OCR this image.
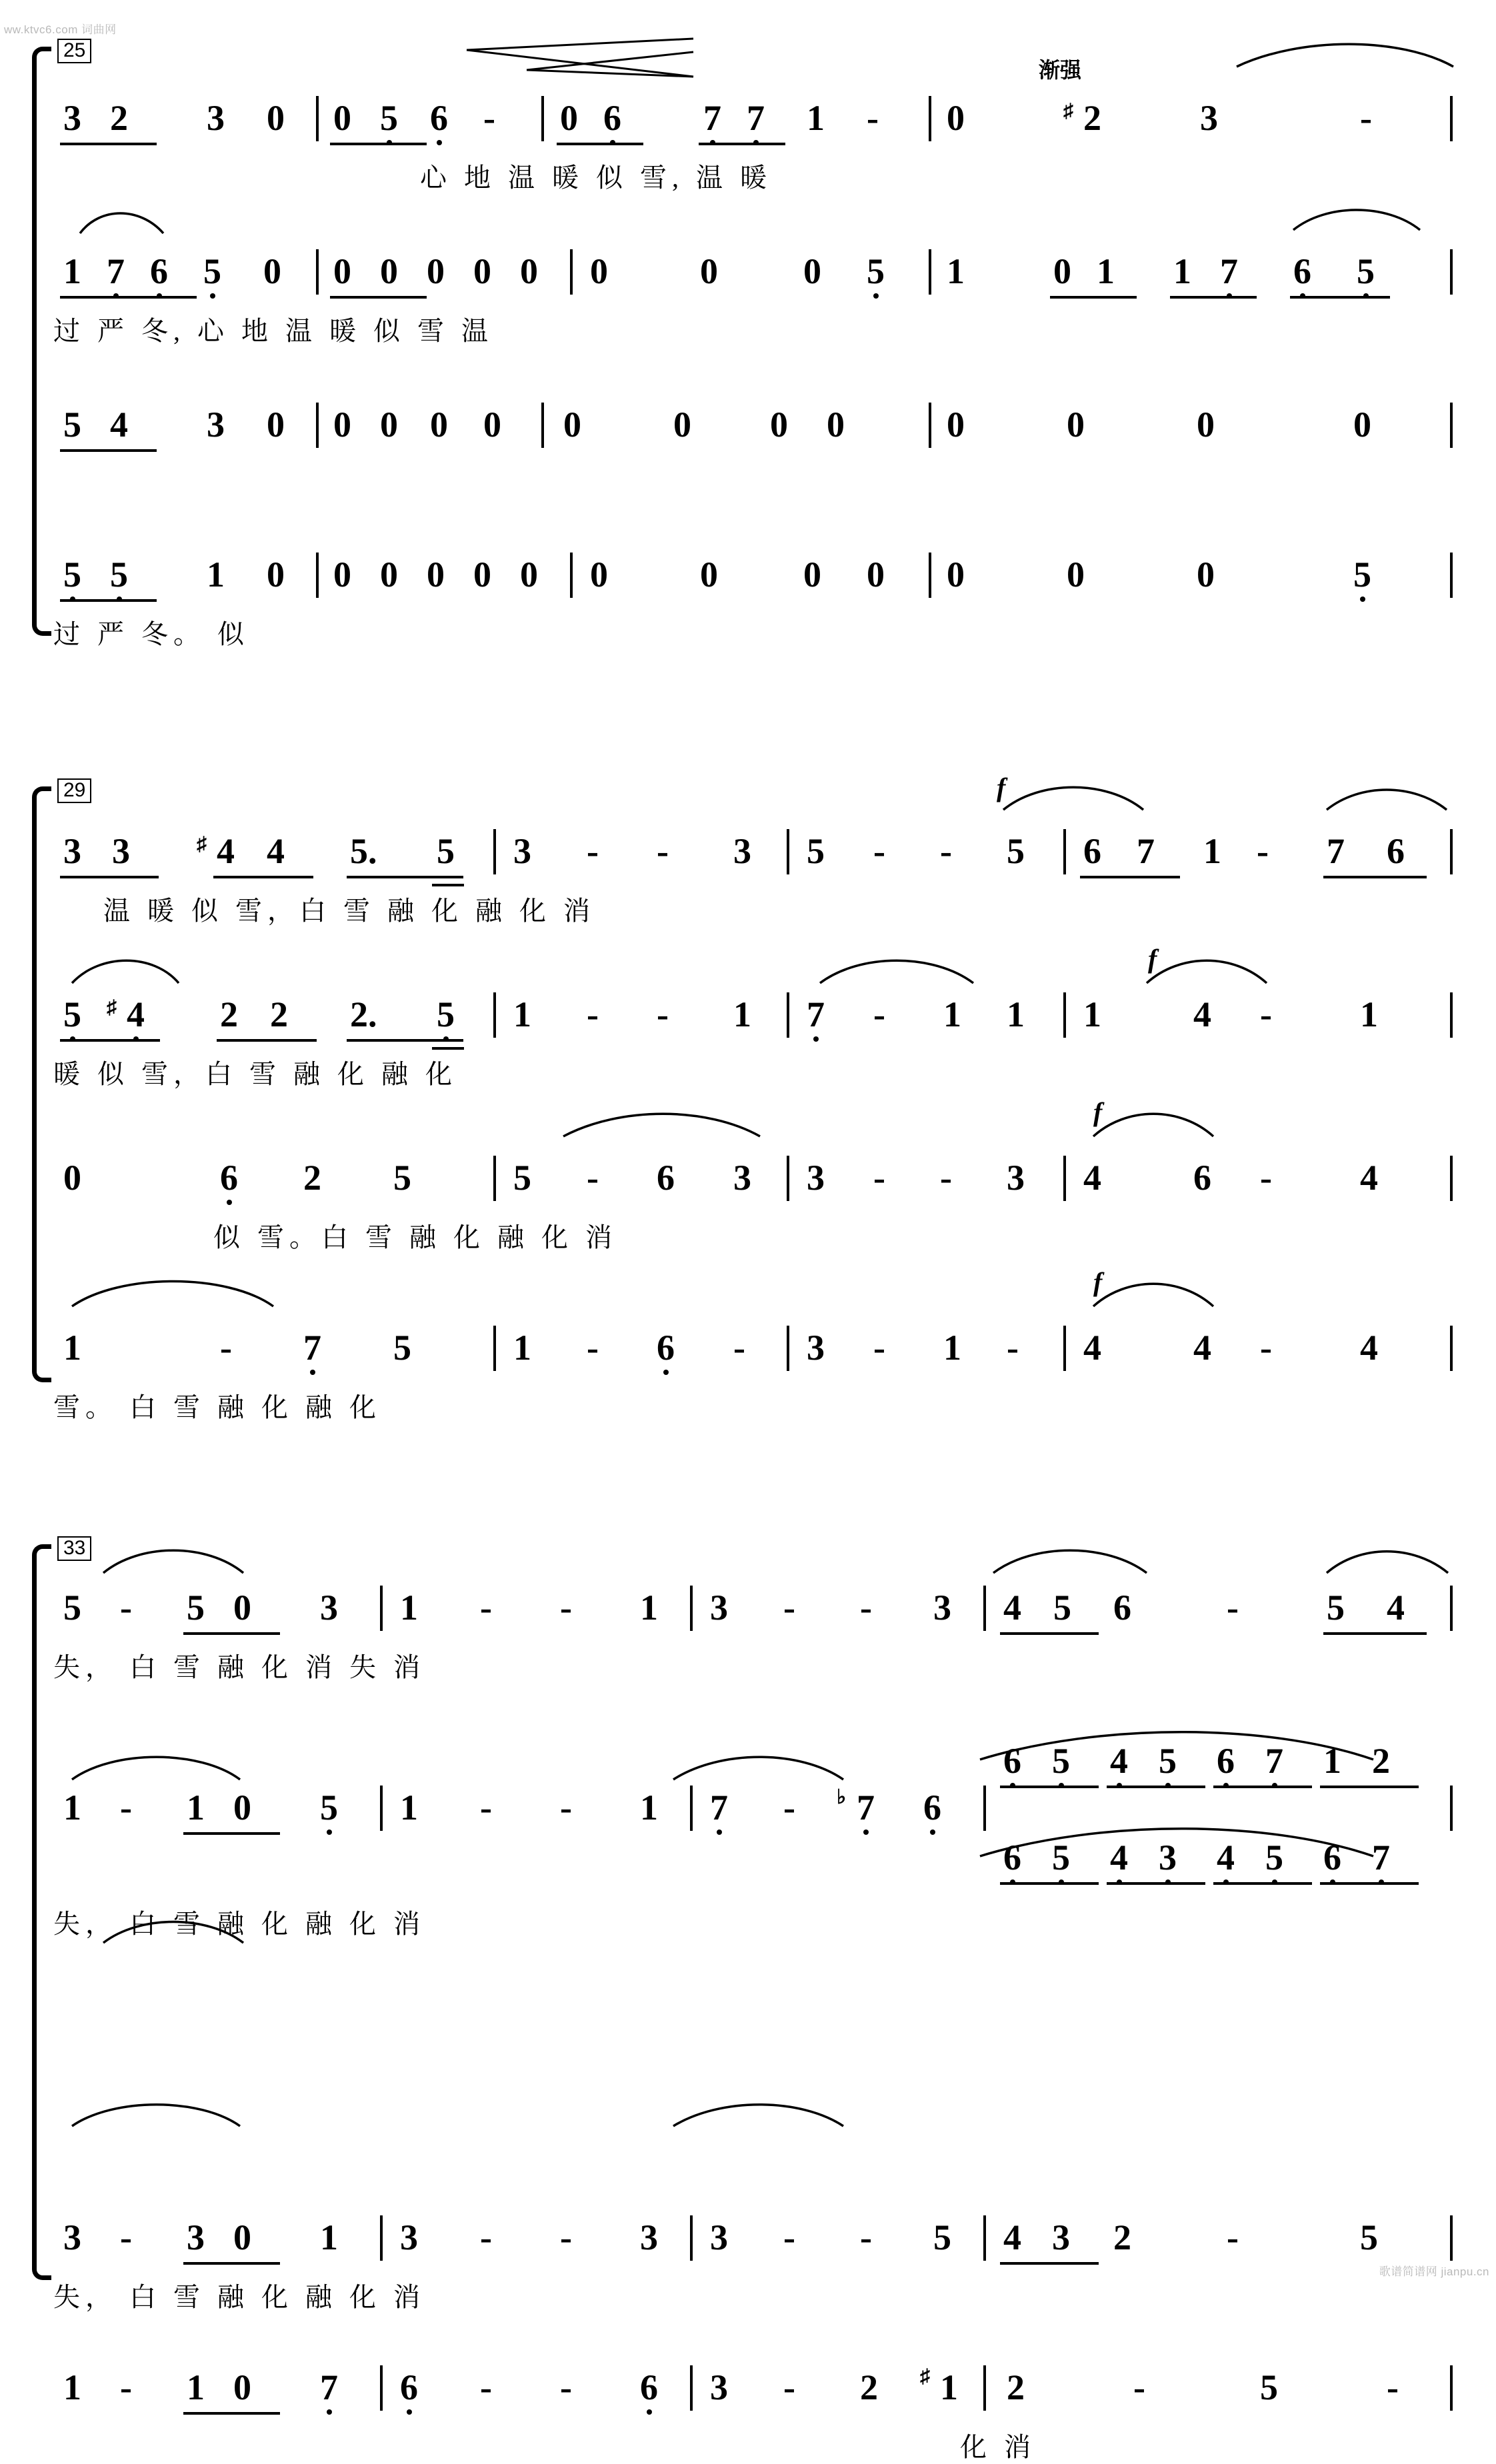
ww.ktvc6.com 词曲网
歌谱简谱网 jianpu.cn
25
渐强
3 2 3 0 0 5 6 - 0 6 7 7 1 - 0	♯ 2	3	-
心 地 温 暖 似 雪, 温 暖
1 7 6 5 0 0 0 0 0 0 0	0 0 5 1 0 1 1 7 6 5
过 严 冬, 心 地 温 暖 似 雪 温
5 4 3 0 0 0 0 0 0	0 0 0	0	0	0	0
5 5 1 0 0 0 0 0 0 0	0 0 0 0	0	0	5
过 严 冬。 似
29	f
f
f
f
3 3	♯ 4 4 5. 5 3 - - 3 5 - - 5 6 7 1 - 7 6
温 暖 似 雪，白 雪 融 化 融 化 消
5 ♯ 4 2 2 2. 5 1 - - 1 7 - 1 1 1	4 - 1
暖 似 雪，白 雪 融 化 融 化
0	6 2 5	5 - 6 3 3 - - 3 4	6 - 4
似 雪。白 雪 融 化 融 化 消
1	- 7 5	1 - 6 - 3 - 1 - 4	4 - 4
雪。 白 雪 融 化 融 化
33
5 - 5 0 3 1 - - 1 3 - - 3 4 5 6	- 5 4
失， 白 雪 融 化 消 失 消
1 - 1 0 5 1 - - 1 7 - ♭ 7 6
6 5 4 5 6 7 1 2
6 5 4 3 4 5 6 7
失， 白 雪 融 化 融 化 消
3 - 3 0 1 3 - - 3 3 - - 5 4 3 2	-	5
失， 白 雪 融 化 融 化 消
1 - 1 0 7 6 - - 6 3 - 2 ♯ 1 2	-	5	-
化 消
